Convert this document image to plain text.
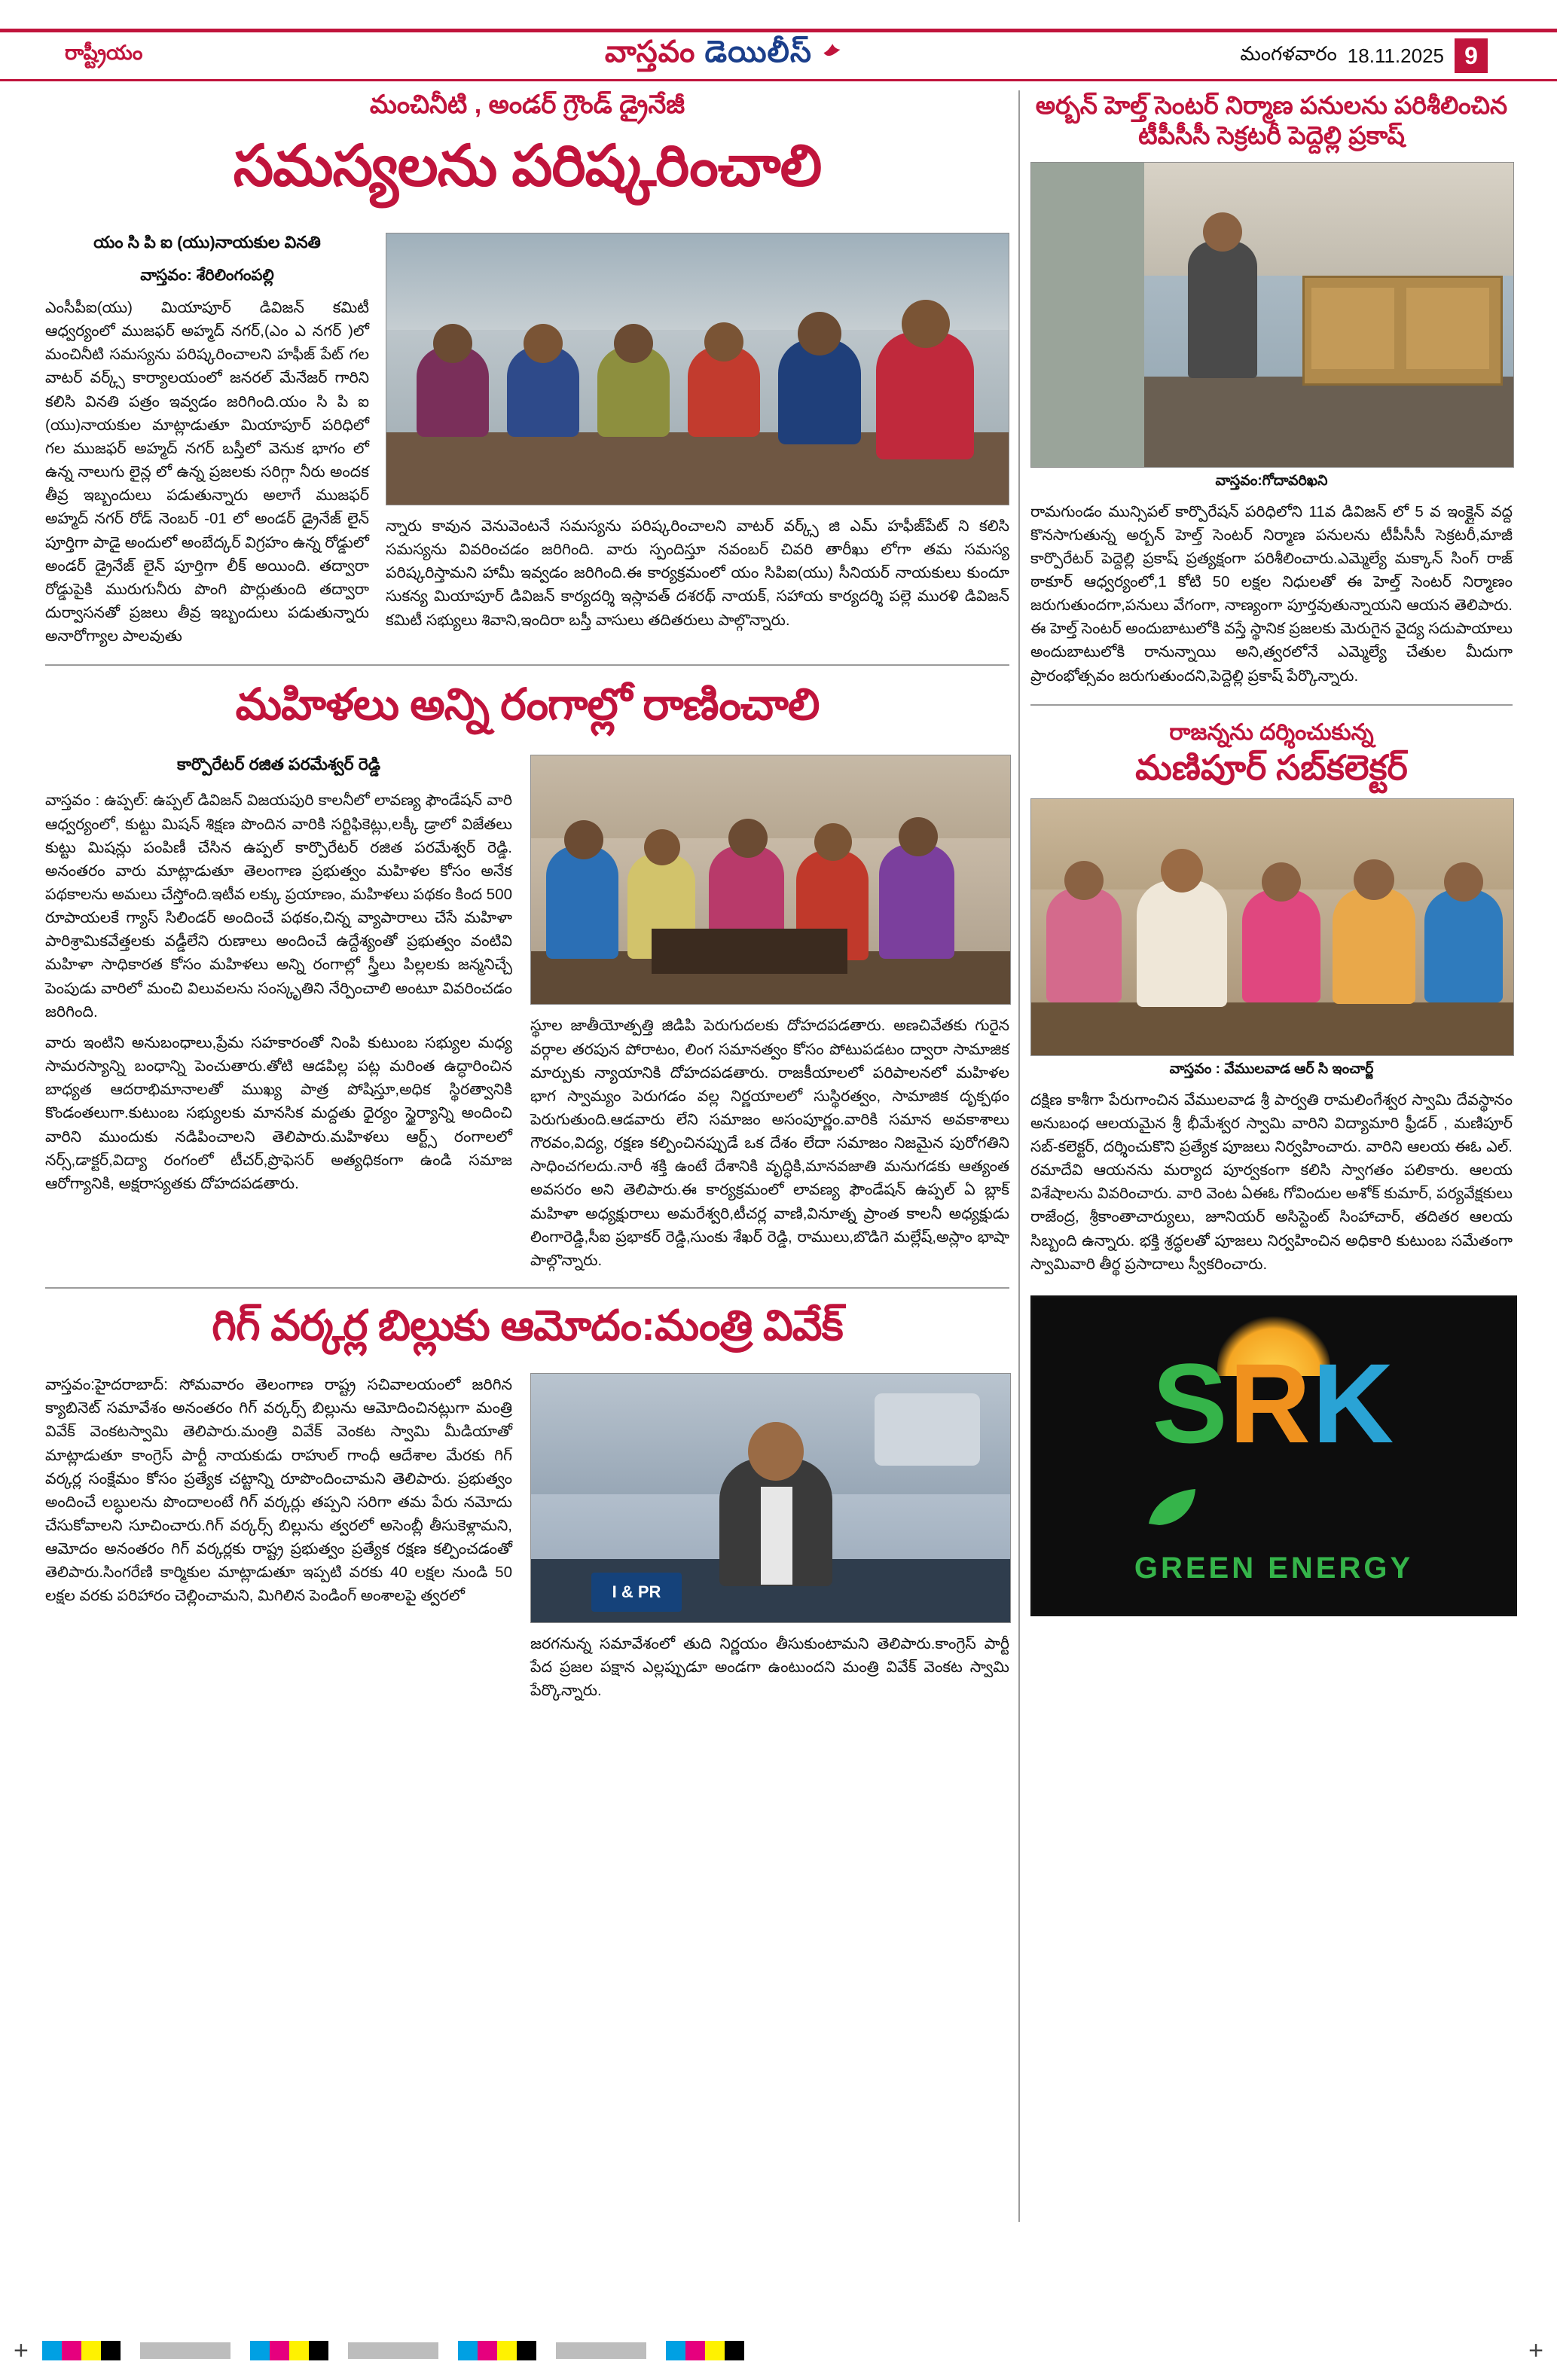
రాష్ట్రీయం	వాస్తవం డెయిలీస్	మంగళవారం 18.11.2025 9
మంచినీటి , అండర్ గ్రౌండ్ డ్రైనేజీ
సమస్యలను పరిష్కరించాలి
యం సి పి ఐ (యు)నాయకుల వినతి
వాస్తవం: శేరిలింగంపల్లి
ఎంసీపీఐ(యు) మియాపూర్ డివిజన్ కమిటీ ఆధ్వర్యంలో ముజఫర్ అహ్మద్ నగర్,(ఎం ఎ నగర్ )లో మంచినీటి సమస్యను పరిష్కరించాలని హఫీజ్ పేట్ గల వాటర్ వర్క్స్ కార్యాలయంలో జనరల్ మేనేజర్ గారిని కలిసి వినతి పత్రం ఇవ్వడం జరిగింది.యం సి పి ఐ (యు)నాయకుల మాట్లాడుతూ మియాపూర్ పరిధిలో గల ముజఫర్ అహ్మద్ నగర్ బస్తీలో వెనుక భాగం లో ఉన్న నాలుగు లైన్ల లో ఉన్న ప్రజలకు సరిగ్గా నీరు అందక తీవ్ర ఇబ్బందులు పడుతున్నారు అలాగే ముజఫర్ అహ్మద్ నగర్ రోడ్ నెంబర్ -01 లో అండర్ డ్రైనేజ్ లైన్ పూర్తిగా పాడై అందులో అంబేద్కర్ విగ్రహం ఉన్న రోడ్డులో అండర్ డ్రైనేజ్ లైన్ పూర్తిగా లీక్ అయింది. తద్వారా రోడ్డుపైకి మురుగునీరు పొంగి పొర్లుతుంది తద్వారా దుర్వాసనతో ప్రజలు తీవ్ర ఇబ్బందులు పడుతున్నారు అనారోగ్యాల పాలవుతు
న్నారు కావున వెనువెంటనే సమస్యను పరిష్కరించాలని వాటర్ వర్క్స్ జి ఎమ్ హఫీజ్‌పేట్ ని కలిసి సమస్యను వివరించడం జరిగింది. వారు స్పందిస్తూ నవంబర్ చివరి తారీఖు లోగా తమ సమస్య పరిష్కరిస్తామని హామీ ఇవ్వడం జరిగింది.ఈ కార్యక్రమంలో యం సిపిఐ(యు) సీనియర్ నాయకులు కుందూ సుకన్య మియాపూర్ డివిజన్ కార్యదర్శి ఇస్లావత్ దశరథ్ నాయక్, సహాయ కార్యదర్శి పల్లె మురళి డివిజన్ కమిటీ సభ్యులు శివాని,ఇందిరా బస్తీ వాసులు తదితరులు పాల్గొన్నారు.
మహిళలు అన్ని రంగాల్లో రాణించాలి
కార్పొరేటర్ రజిత పరమేశ్వర్ రెడ్డి
వాస్తవం : ఉప్పల్: ఉప్పల్ డివిజన్ విజయపురి కాలనీలో లావణ్య ఫౌండేషన్ వారి ఆధ్వర్యంలో, కుట్టు మిషన్ శిక్షణ పొందిన వారికి సర్టిఫికెట్లు,లక్కీ డ్రాలో విజేతలు కుట్టు మిషన్లు పంపిణీ చేసిన ఉప్పల్ కార్పొరేటర్ రజిత పరమేశ్వర్ రెడ్డి. అనంతరం వారు మాట్లాడుతూ తెలంగాణ ప్రభుత్వం మహిళల కోసం అనేక పథకాలను అమలు చేస్తోంది.ఇటీవ లక్కు ప్రయాణం, మహిళలు పథకం కింద 500 రూపాయలకే గ్యాస్ సిలిండర్ అందించే పథకం,చిన్న వ్యాపారాలు చేసే మహిళా పారిశ్రామికవేత్తలకు వడ్డీలేని రుణాలు అందించే ఉద్దేశ్యంతో ప్రభుత్వం వంటివి మహిళా సాధికారత కోసం మహిళలు అన్ని రంగాల్లో స్త్రీలు పిల్లలకు జన్మనిచ్చే పెంపుడు వారిలో మంచి విలువలను సంస్కృతిని నేర్పించాలి అంటూ వివరించడం జరిగింది.
వారు ఇంటిని అనుబంధాలు,ప్రేమ సహకారంతో నింపి కుటుంబ సభ్యుల మధ్య సామరస్యాన్ని బంధాన్ని పెంచుతారు.తోటి ఆడపిల్ల పట్ల మరింత ఉద్ధారించిన బాధ్యత ఆదరాభిమానాలతో ముఖ్య పాత్ర పోషిస్తూ,అధిక స్థిరత్వానికి కొండంతలుగా.కుటుంబ సభ్యులకు మానసిక మద్దతు ధైర్యం స్థైర్యాన్ని అందించి వారిని ముందుకు నడిపించాలని తెలిపారు.మహిళలు ఆర్ట్స్ రంగాలలో నర్స్,డాక్టర్,విద్యా రంగంలో టీచర్,ప్రొఫెసర్ అత్యధికంగా ఉండి సమాజ ఆరోగ్యానికి, అక్షరాస్యతకు దోహదపడతారు.
స్థూల జాతీయోత్పత్తి జిడిపి పెరుగుదలకు దోహదపడతారు. అణచివేతకు గురైన వర్గాల తరపున పోరాటం, లింగ సమానత్వం కోసం పోటుపడటం ద్వారా సామాజిక మార్పుకు న్యాయానికి దోహదపడతారు. రాజకీయాలలో పరిపాలనలో మహిళల భాగ స్వామ్యం పెరుగడం వల్ల నిర్ణయాలలో సుస్థిరత్వం, సామాజిక దృక్పథం పెరుగుతుంది.ఆడవారు లేని సమాజం అసంపూర్ణం.వారికి సమాన అవకాశాలు గౌరవం,విద్య, రక్షణ కల్పించినప్పుడే ఒక దేశం లేదా సమాజం నిజమైన పురోగతిని సాధించగలదు.నారీ శక్తి ఉంటే దేశానికి వృద్ధికి,మానవజాతి మనుగడకు ఆత్యంత అవసరం అని తెలిపారు.ఈ కార్యక్రమంలో లావణ్య ఫౌండేషన్ ఉప్పల్ ఏ బ్లాక్ మహిళా అధ్యక్షురాలు అమరేశ్వరి,టీచర్ల వాణి,వినూత్న ప్రాంత కాలనీ అధ్యక్షుడు లింగారెడ్డి,సీఐ ప్రభాకర్ రెడ్డి,సుంకు శేఖర్ రెడ్డి, రాములు,బొడిగె మల్లేష్,అస్లాం భాషా పాల్గొన్నారు.
గిగ్ వర్కర్ల బిల్లుకు ఆమోదం:మంత్రి వివేక్
వాస్తవం:హైదరాబాద్: సోమవారం తెలంగాణ రాష్ట్ర సచివాలయంలో జరిగిన క్యాబినెట్ సమావేశం అనంతరం గిగ్ వర్కర్స్ బిల్లును ఆమోదించినట్లుగా మంత్రి వివేక్ వెంకటస్వామి తెలిపారు.మంత్రి వివేక్ వెంకట స్వామి మీడియాతో మాట్లాడుతూ కాంగ్రెస్ పార్టీ నాయకుడు రాహుల్ గాంధీ ఆదేశాల మేరకు గిగ్ వర్కర్ల సంక్షేమం కోసం ప్రత్యేక చట్టాన్ని రూపొందించామని తెలిపారు. ప్రభుత్వం అందించే లబ్ధులను పొందాలంటే గిగ్ వర్కర్లు తప్పని సరిగా తమ పేరు నమోదు చేసుకోవాలని సూచించారు.గిగ్ వర్కర్స్ బిల్లును త్వరలో అసెంబ్లీ తీసుకెళ్లామని, ఆమోదం అనంతరం గిగ్ వర్కర్లకు రాష్ట్ర ప్రభుత్వం ప్రత్యేక రక్షణ కల్పించడంతో తెలిపారు.సింగరేణి కార్మికుల మాట్లాడుతూ ఇప్పటి వరకు 40 లక్షల నుండి 50 లక్షల వరకు పరిహారం చెల్లించామని, మిగిలిన పెండింగ్ అంశాలపై త్వరలో	I & PR
జరగనున్న సమావేశంలో తుది నిర్ణయం తీసుకుంటామని తెలిపారు.కాంగ్రెస్ పార్టీ పేద ప్రజల పక్షాన ఎల్లప్పుడూ అండగా ఉంటుందని మంత్రి వివేక్ వెంకట స్వామి పేర్కొన్నారు.
అర్బన్ హెల్త్ సెంటర్ నిర్మాణ పనులను పరిశీలించిన టీపీసీసీ సెక్రటరీ పెద్దెల్లి ప్రకాష్
వాస్తవం:గోదావరిఖని
రామగుండం మున్సిపల్ కార్పొరేషన్ పరిధిలోని 11వ డివిజన్ లో 5 వ ఇంక్లైన్ వద్ద కొనసాగుతున్న అర్బన్ హెల్త్ సెంటర్ నిర్మాణ పనులను టీపీసీసీ సెక్రటరీ,మాజీ కార్పొరేటర్ పెద్దెల్లి ప్రకాష్ ప్రత్యక్షంగా పరిశీలించారు.ఎమ్మెల్యే మక్కాన్ సింగ్ రాజ్ ఠాకూర్ ఆధ్వర్యంలో,1 కోటి 50 లక్షల నిధులతో ఈ హెల్త్ సెంటర్ నిర్మాణం జరుగుతుందగా,పనులు వేగంగా, నాణ్యంగా పూర్తవుతున్నాయని ఆయన తెలిపారు. ఈ హెల్త్ సెంటర్ అందుబాటులోకి వస్తే స్థానిక ప్రజలకు మెరుగైన వైద్య సదుపాయాలు అందుబాటులోకి రానున్నాయి అని,త్వరలోనే ఎమ్మెల్యే చేతుల మీదుగా ప్రారంభోత్సవం జరుగుతుందని,పెద్దెల్లి ప్రకాష్ పేర్కొన్నారు.
రాజన్నను దర్శించుకున్న
మణిపూర్ సబ్‌కలెక్టర్
వాస్తవం : వేములవాడ ఆర్ సి ఇంచార్జ్
దక్షిణ కాశీగా పేరుగాంచిన వేములవాడ శ్రీ పార్వతి రామలింగేశ్వర స్వామి దేవస్థానం అనుబంధ ఆలయమైన శ్రీ భీమేశ్వర స్వామి వారిని విద్యామారి ఫ్రీడర్ , మణిపూర్ సబ్-కలెక్టర్, దర్శించుకొని ప్రత్యేక పూజలు నిర్వహించారు. వారిని ఆలయ ఈఓ ఎల్. రమాదేవి ఆయనను మర్యాద పూర్వకంగా కలిసి స్వాగతం పలికారు. ఆలయ విశేషాలను వివరించారు. వారి వెంట ఏఈఓ గోవిందుల అశోక్ కుమార్, పర్యవేక్షకులు రాజేంద్ర, శ్రీకాంతాచార్యులు, జూనియర్ అసిస్టెంట్ సింహాచార్, తదితర ఆలయ సిబ్బంది ఉన్నారు. భక్తి శ్రద్ధలతో పూజలు నిర్వహించిన అధికారి కుటుంబ సమేతంగా స్వామివారి తీర్థ ప్రసాదాలు స్వీకరించారు.
SRK
GREEN ENERGY
+	+
